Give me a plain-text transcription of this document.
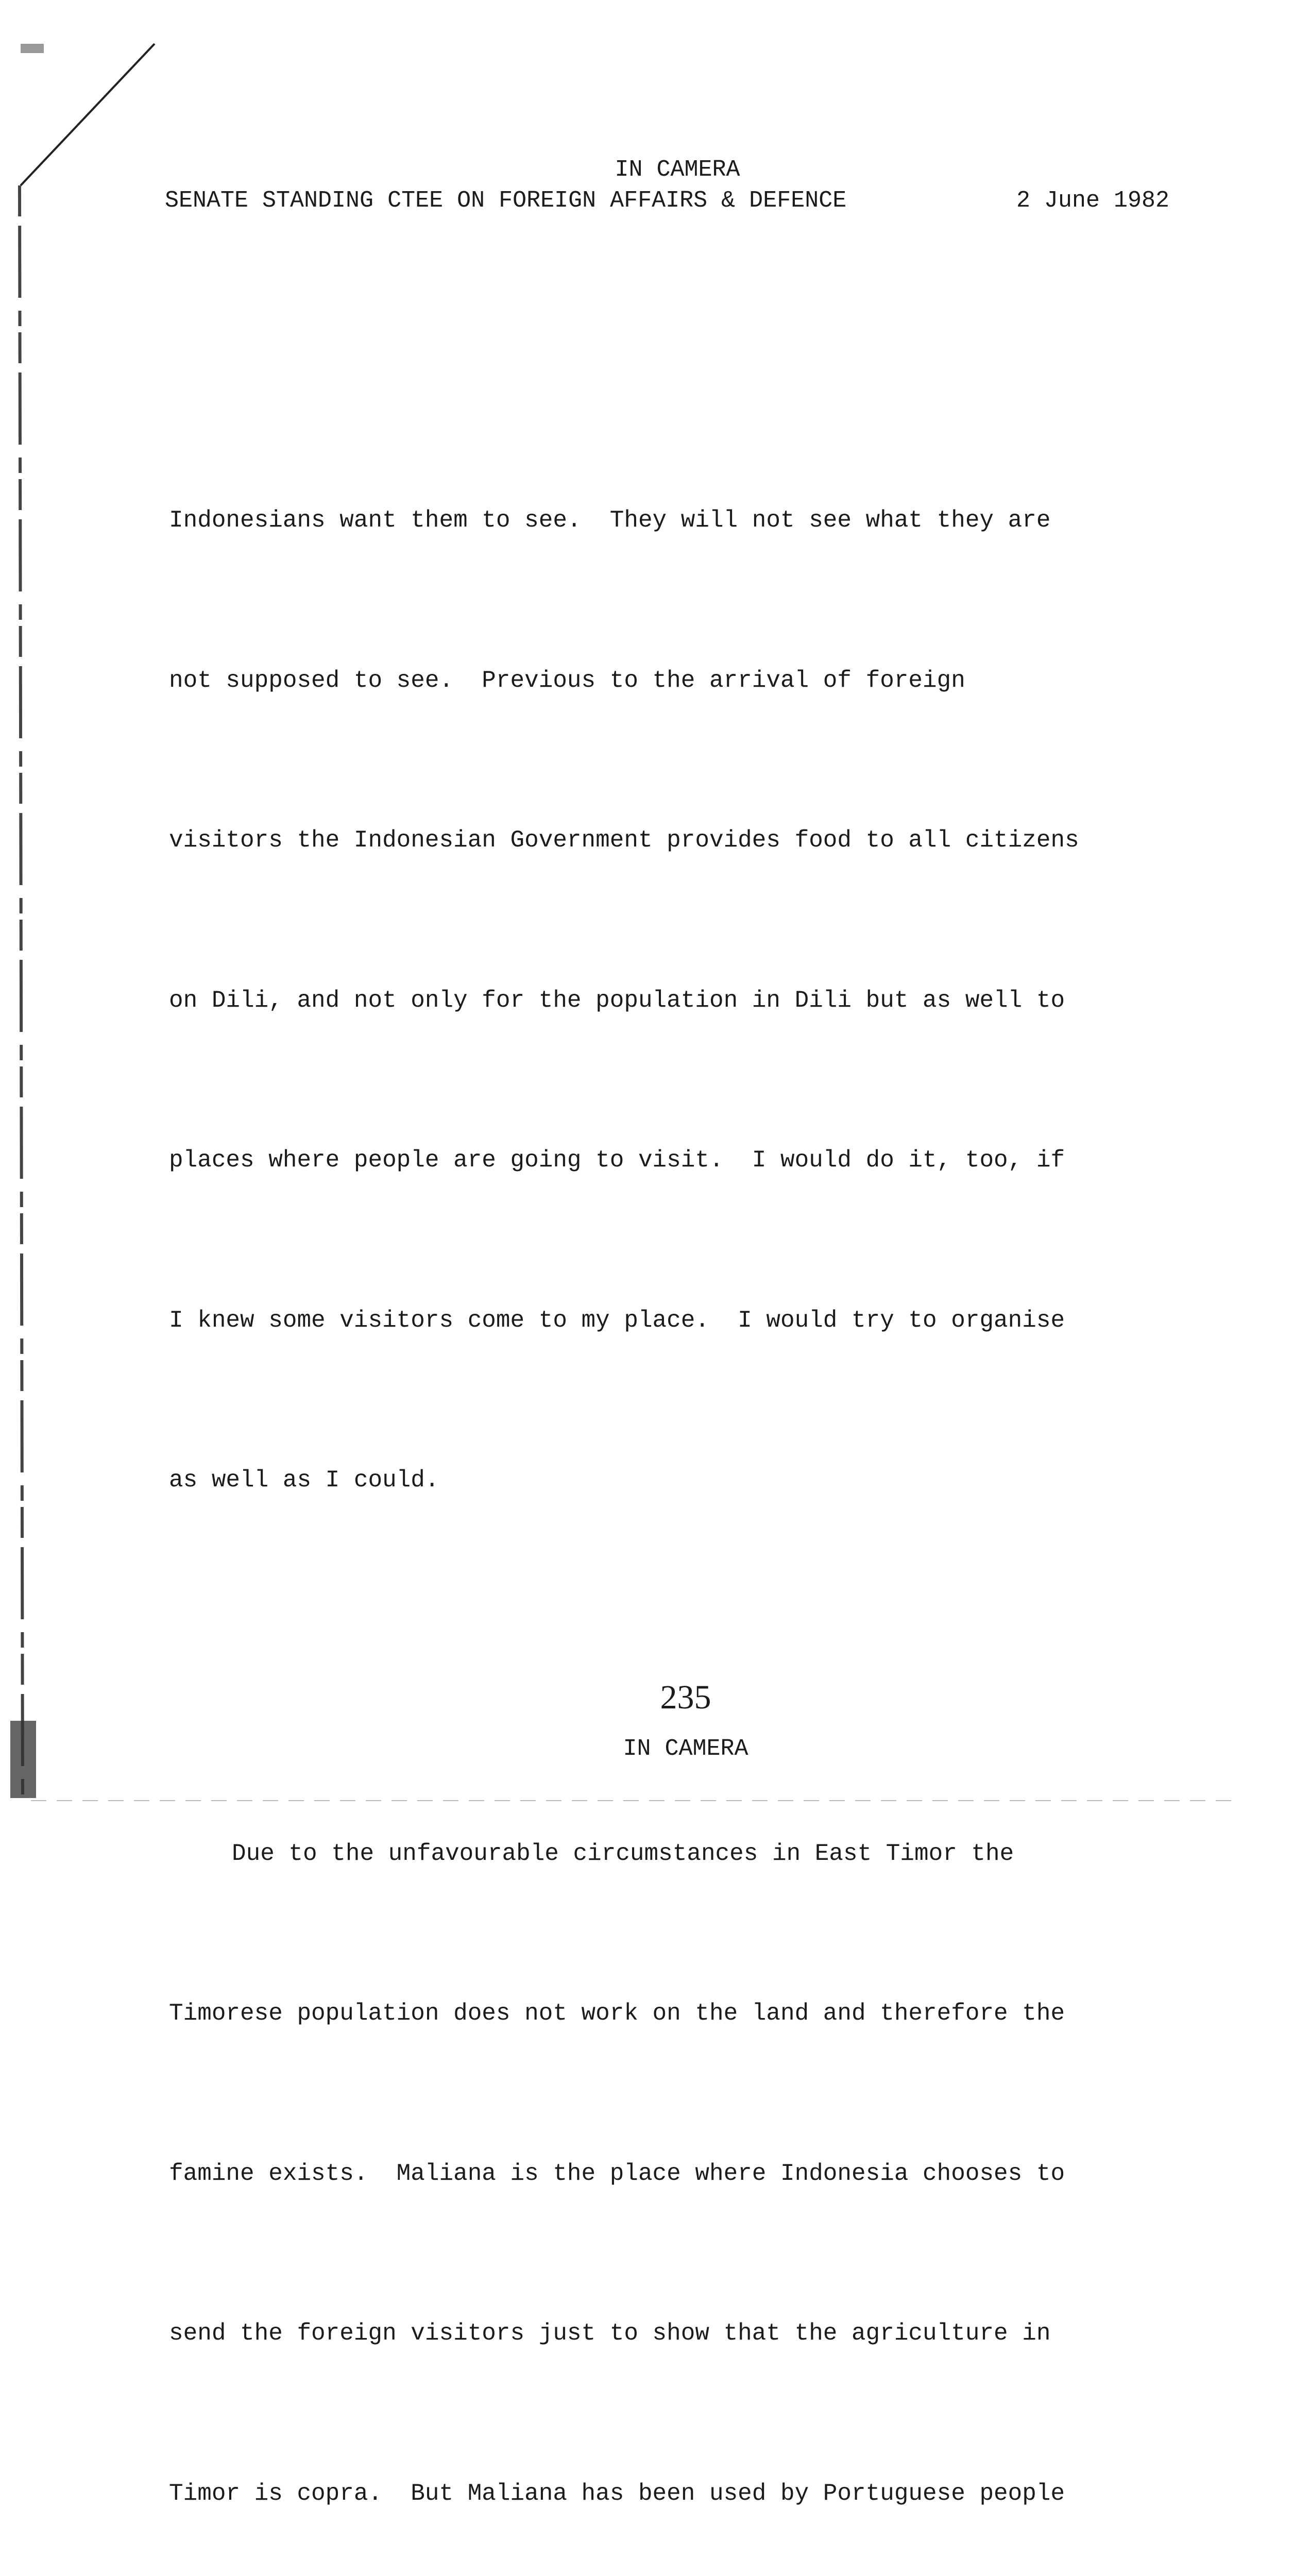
IN CAMERA
SENATE STANDING CTEE ON FOREIGN AFFAIRS & DEFENCE	2 June 1982

Indonesians want them to see.  They will not see what they are

not supposed to see.  Previous to the arrival of foreign

visitors the Indonesian Government provides food to all citizens

on Dili, and not only for the population in Dili but as well to

places where people are going to visit.  I would do it, too, if

I knew some visitors come to my place.  I would try to organise

as well as I could.

Due to the unfavourable circumstances in East Timor the

Timorese population does not work on the land and therefore the

famine exists.  Maliana is the place where Indonesia chooses to

send the foreign visitors just to show that the agriculture in

Timor is copra.  But Maliana has been used by Portuguese people

235
IN CAMERA
